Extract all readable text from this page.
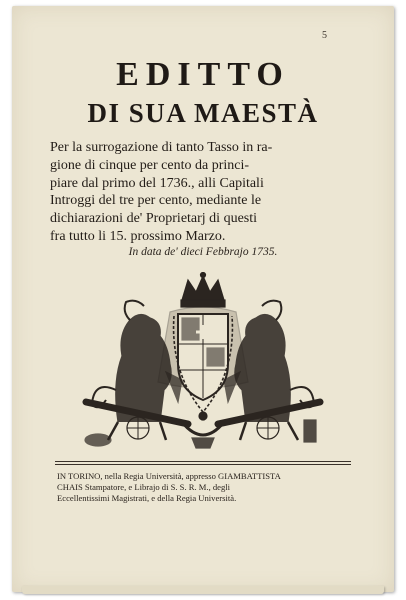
5
EDITTO
DI SUA MAESTÀ
Per la surrogazione di tanto Tasso in ra-
gione di cinque per cento da princi-
piare dal primo del 1736., alli Capitali
Introggi del tre per cento, mediante le
dichiarazioni de' Proprietarj di questi
fra tutto li 15. prossimo Marzo.
In data de' dieci Febbrajo 1735.
IN TORINO, nella Regia Università, appresso GIAMBATTISTA
CHAIS Stampatore, e Librajo di S. S. R. M., degli
Eccellentissimi Magistrati, e della Regia Università.
